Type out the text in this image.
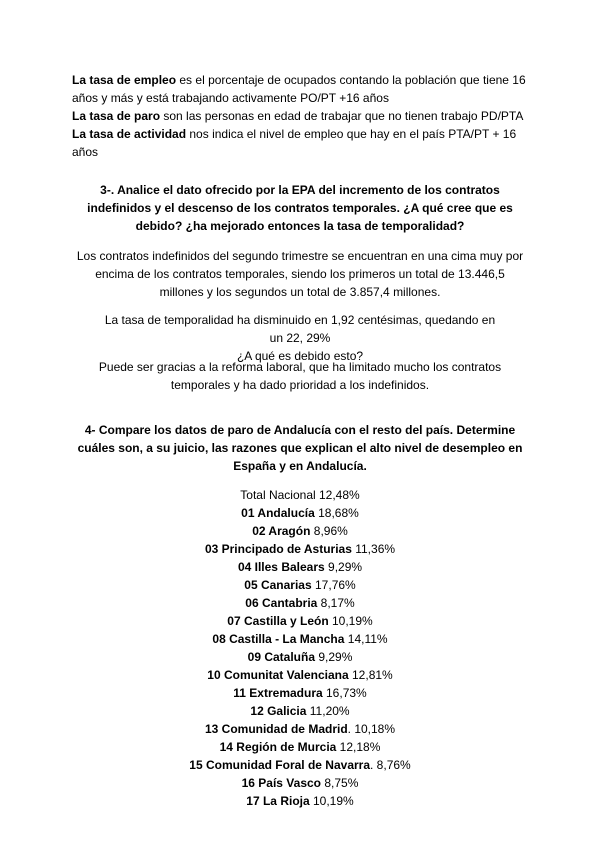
La tasa de empleo es el porcentaje de ocupados contando la población que tiene 16 años y más y está trabajando activamente PO/PT +16 años

La tasa de paro son las personas en edad de trabajar que no tienen trabajo PD/PTA

La tasa de actividad nos indica el nivel de empleo que hay en el país PTA/PT + 16 años

3-. Analice el dato ofrecido por la EPA del incremento de los contratos indefinidos y el descenso de los contratos temporales. ¿A qué cree que es debido? ¿ha mejorado entonces la tasa de temporalidad?

Los contratos indefinidos del segundo trimestre se encuentran en una cima muy por encima de los contratos temporales, siendo los primeros un total de 13.446,5 millones y los segundos un total de 3.857,4 millones.

La tasa de temporalidad ha disminuido en 1,92 centésimas, quedando en un 22, 29%

¿A qué es debido esto?

Puede ser gracias a la reforma laboral, que ha limitado mucho los contratos temporales y ha dado prioridad a los indefinidos.

4- Compare los datos de paro de Andalucía con el resto del país. Determine cuáles son, a su juicio, las razones que explican el alto nivel de desempleo en España y en Andalucía.

Total Nacional 12,48%
01 Andalucía 18,68%
02 Aragón 8,96%
03 Principado de Asturias 11,36%
04 Illes Balears 9,29%
05 Canarias 17,76%
06 Cantabria 8,17%
07 Castilla y León 10,19%
08 Castilla - La Mancha 14,11%
09 Cataluña 9,29%
10 Comunitat Valenciana 12,81%
11 Extremadura 16,73%
12 Galicia 11,20%
13 Comunidad de Madrid. 10,18%
14 Región de Murcia 12,18%
15 Comunidad Foral de Navarra. 8,76%
16 País Vasco 8,75%
17 La Rioja 10,19%
